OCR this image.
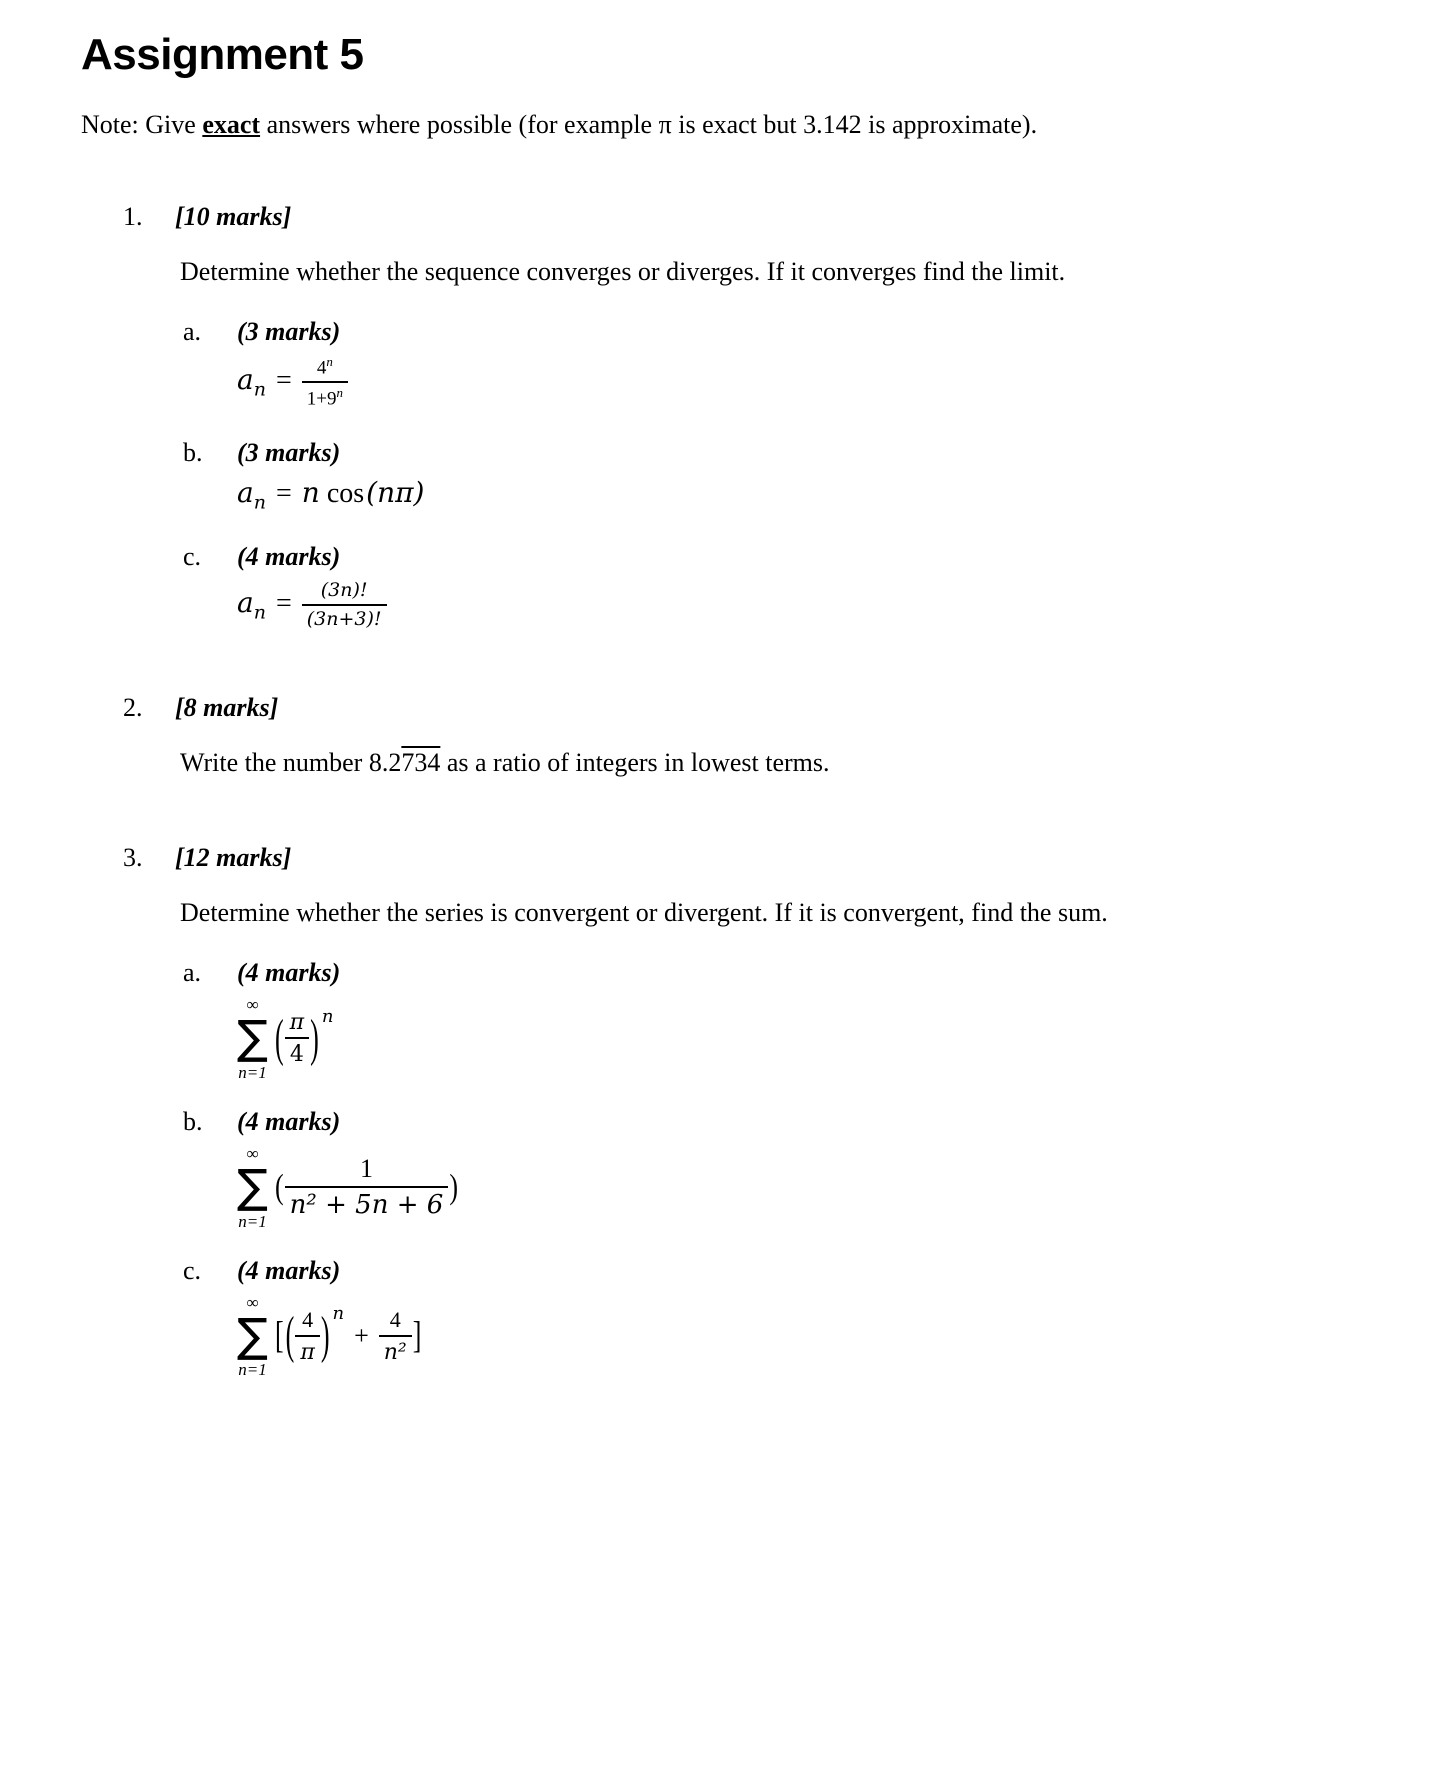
Assignment 5

Note: Give exact answers where possible (for example π is exact but 3.142 is approximate).

1.	[10 marks]

Determine whether the sequence converges or diverges. If it converges find the limit.

a.	(3 marks)
$a_n = \frac{4^n}{1+9^n}$
b.	(3 marks)
$a_n = n$ cos(nπ)
c.	(4 marks)
$a_n = \frac{(3n)!}{(3n+3)!}$
2.	[8 marks]

Write the number 8.2734 as a ratio of integers in lowest terms.

3.	[12 marks]

Determine whether the series is convergent or divergent. If it is convergent, find the sum.

a.	(4 marks)
∞
∑
n=1
( $\frac{\pi}{4}$ ) n
b.	(4 marks)
∞
∑
n=1
( $\frac{1}{\text{n² + 5n + 6}}$ )
c.	(4 marks)
∞
∑
n=1
[ ( $\frac{4}{\pi}$ ) n
+ $\frac{4}{\text{n²}}$ ]
